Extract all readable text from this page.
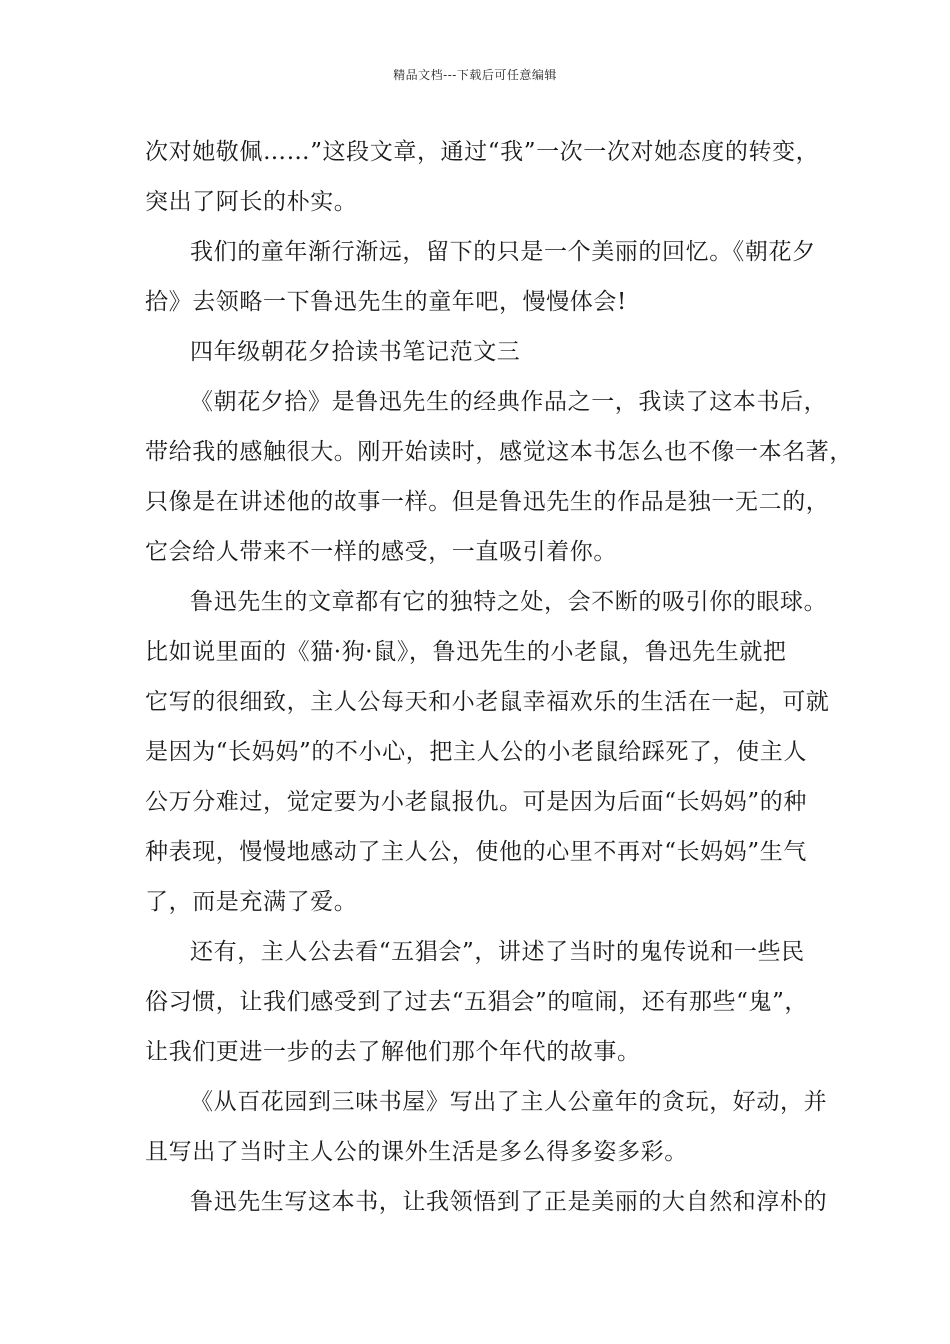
精品文档---下载后可任意编辑
次对她敬佩……”这段文章，通过“我”一次一次对她态度的转变，
突出了阿长的朴实。
我们的童年渐行渐远，留下的只是一个美丽的回忆。《朝花夕
拾》去领略一下鲁迅先生的童年吧，慢慢体会!
四年级朝花夕拾读书笔记范文三
《朝花夕拾》是鲁迅先生的经典作品之一，我读了这本书后，
带给我的感触很大。刚开始读时，感觉这本书怎么也不像一本名著，
只像是在讲述他的故事一样。但是鲁迅先生的作品是独一无二的，
它会给人带来不一样的感受，一直吸引着你。
鲁迅先生的文章都有它的独特之处，会不断的吸引你的眼球。
比如说里面的《猫·狗·鼠》，鲁迅先生的小老鼠，鲁迅先生就把
它写的很细致，主人公每天和小老鼠幸福欢乐的生活在一起，可就
是因为“长妈妈”的不小心，把主人公的小老鼠给踩死了，使主人
公万分难过，觉定要为小老鼠报仇。可是因为后面“长妈妈”的种
种表现，慢慢地感动了主人公，使他的心里不再对“长妈妈”生气
了，而是充满了爱。
还有，主人公去看“五猖会”，讲述了当时的鬼传说和一些民
俗习惯，让我们感受到了过去“五猖会”的喧闹，还有那些“鬼”，
让我们更进一步的去了解他们那个年代的故事。
《从百花园到三味书屋》写出了主人公童年的贪玩，好动，并
且写出了当时主人公的课外生活是多么得多姿多彩。
鲁迅先生写这本书，让我领悟到了正是美丽的大自然和淳朴的
